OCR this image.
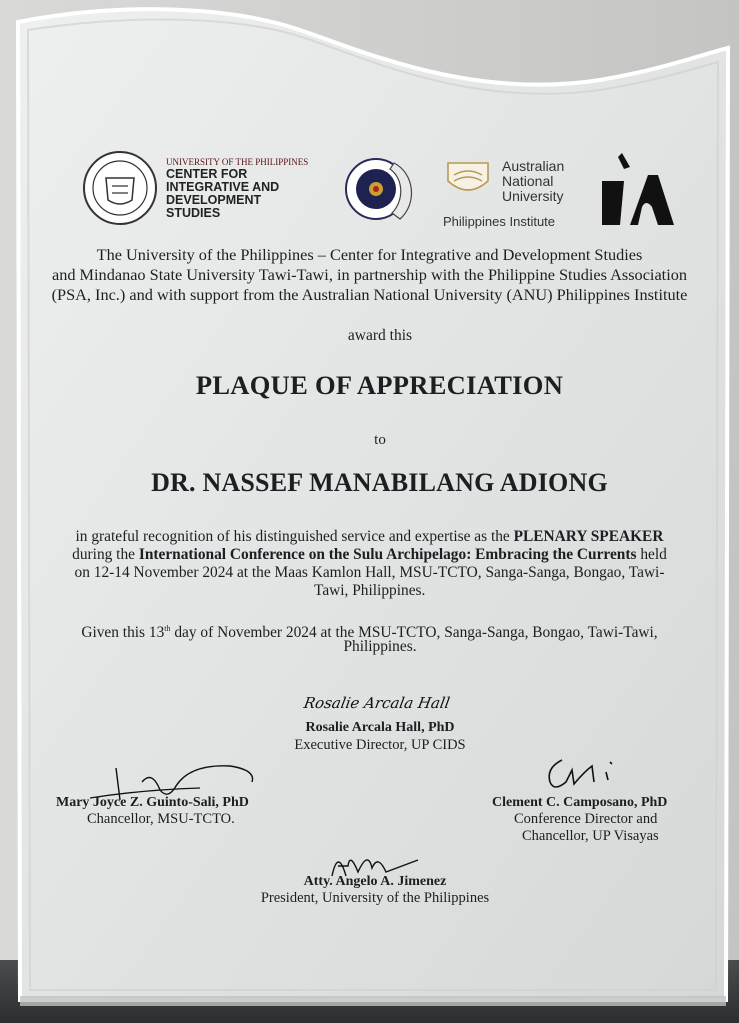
UNIVERSITY OF THE PHILIPPINES
CENTER FOR
INTEGRATIVE AND
DEVELOPMENT
STUDIES
Australian
National
University
Philippines Institute
The University of the Philippines – Center for Integrative and Development Studies
and Mindanao State University Tawi-Tawi, in partnership with the Philippine Studies Association
(PSA, Inc.) and with support from the Australian National University (ANU) Philippines Institute
award this
PLAQUE OF APPRECIATION
to
DR. NASSEF MANABILANG ADIONG
in grateful recognition of his distinguished service and expertise as the PLENARY SPEAKER
during the International Conference on the Sulu Archipelago: Embracing the Currents held
on 12-14 November 2024 at the Maas Kamlon Hall, MSU-TCTO, Sanga-Sanga, Bongao, Tawi-
Tawi, Philippines.
Given this 13th day of November 2024 at the MSU-TCTO, Sanga-Sanga, Bongao, Tawi-Tawi,
Philippines.
Rosalie Arcala Hall
Rosalie Arcala Hall, PhD
Executive Director, UP CIDS
Mary Joyce Z. Guinto-Sali, PhD
Chancellor, MSU-TCTO.
Clement C. Camposano, PhD
Conference Director and
Chancellor, UP Visayas
Atty. Angelo A. Jimenez
President, University of the Philippines
